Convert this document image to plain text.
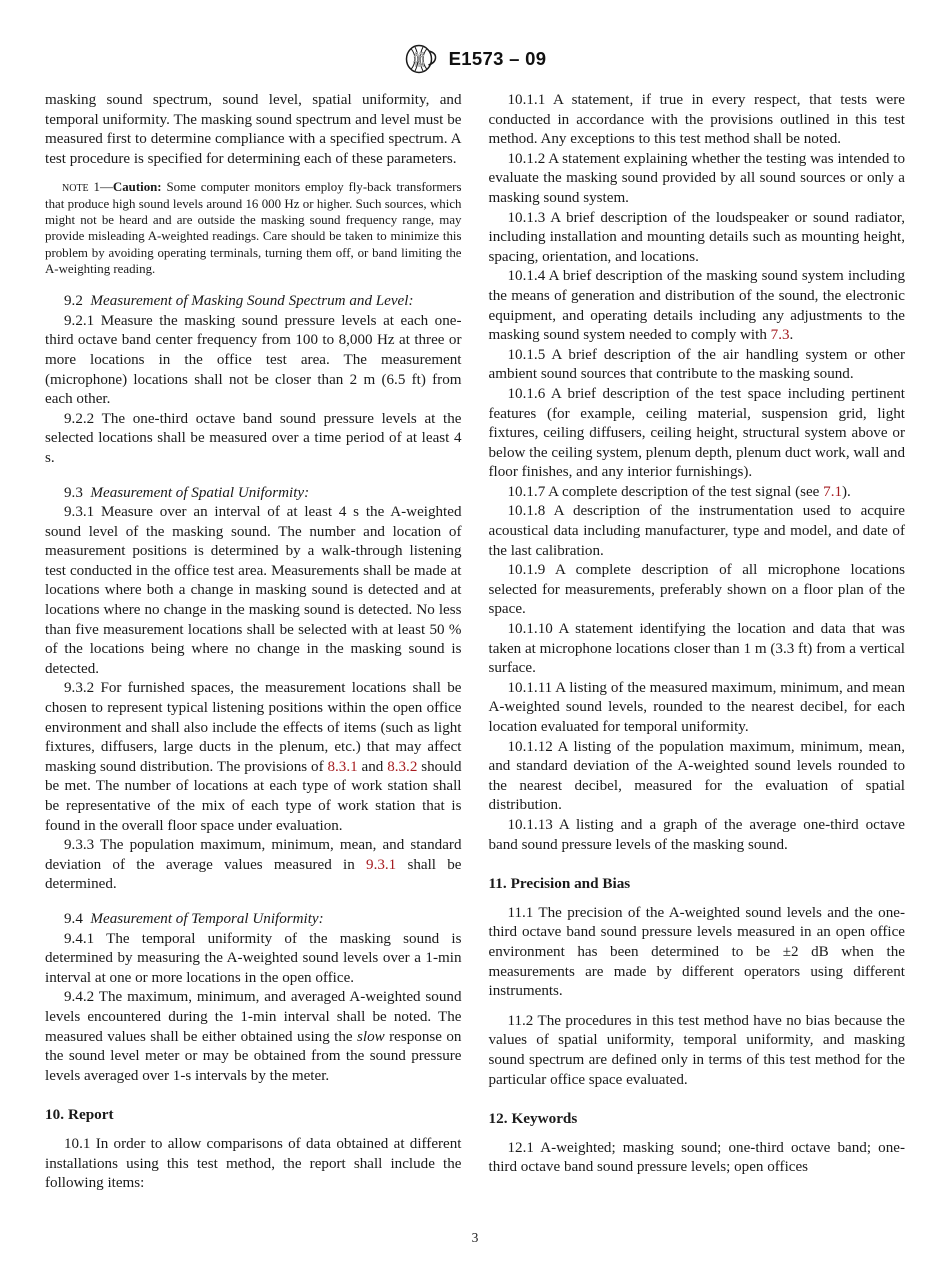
AS
TM E1573 – 09

masking sound spectrum, sound level, spatial uniformity, and temporal uniformity. The masking sound spectrum and level must be measured first to determine compliance with a specified spectrum. A test procedure is specified for determining each of these parameters.

note 1—Caution: Some computer monitors employ fly-back transformers that produce high sound levels around 16 000 Hz or higher. Such sources, which might not be heard and are outside the masking sound frequency range, may provide misleading A-weighted readings. Care should be taken to minimize this problem by avoiding operating terminals, turning them off, or band limiting the A-weighting reading.

9.2 Measurement of Masking Sound Spectrum and Level:

9.2.1 Measure the masking sound pressure levels at each one-third octave band center frequency from 100 to 8,000 Hz at three or more locations in the office test area. The measurement (microphone) locations shall not be closer than 2 m (6.5 ft) from each other.

9.2.2 The one-third octave band sound pressure levels at the selected locations shall be measured over a time period of at least 4 s.

9.3 Measurement of Spatial Uniformity:

9.3.1 Measure over an interval of at least 4 s the A-weighted sound level of the masking sound. The number and location of measurement positions is determined by a walk-through listening test conducted in the office test area. Measurements shall be made at locations where both a change in masking sound is detected and at locations where no change in the masking sound is detected. No less than five measurement locations shall be selected with at least 50 % of the locations being where no change in the masking sound is detected.

9.3.2 For furnished spaces, the measurement locations shall be chosen to represent typical listening positions within the open office environment and shall also include the effects of items (such as light fixtures, diffusers, large ducts in the plenum, etc.) that may affect masking sound distribution. The provisions of 8.3.1 and 8.3.2 should be met. The number of locations at each type of work station shall be representative of the mix of each type of work station that is found in the overall floor space under evaluation.

9.3.3 The population maximum, minimum, mean, and standard deviation of the average values measured in 9.3.1 shall be determined.

9.4 Measurement of Temporal Uniformity:

9.4.1 The temporal uniformity of the masking sound is determined by measuring the A-weighted sound levels over a 1-min interval at one or more locations in the open office.

9.4.2 The maximum, minimum, and averaged A-weighted sound levels encountered during the 1-min interval shall be noted. The measured values shall be either obtained using the slow response on the sound level meter or may be obtained from the sound pressure levels averaged over 1-s intervals by the meter.

10. Report

10.1 In order to allow comparisons of data obtained at different installations using this test method, the report shall include the following items:

10.1.1 A statement, if true in every respect, that tests were conducted in accordance with the provisions outlined in this test method. Any exceptions to this test method shall be noted.

10.1.2 A statement explaining whether the testing was intended to evaluate the masking sound provided by all sound sources or only a masking sound system.

10.1.3 A brief description of the loudspeaker or sound radiator, including installation and mounting details such as mounting height, spacing, orientation, and locations.

10.1.4 A brief description of the masking sound system including the means of generation and distribution of the sound, the electronic equipment, and operating details including any adjustments to the masking sound system needed to comply with 7.3.

10.1.5 A brief description of the air handling system or other ambient sound sources that contribute to the masking sound.

10.1.6 A brief description of the test space including pertinent features (for example, ceiling material, suspension grid, light fixtures, ceiling diffusers, ceiling height, structural system above or below the ceiling system, plenum depth, plenum duct work, wall and floor finishes, and any interior furnishings).

10.1.7 A complete description of the test signal (see 7.1).

10.1.8 A description of the instrumentation used to acquire acoustical data including manufacturer, type and model, and date of the last calibration.

10.1.9 A complete description of all microphone locations selected for measurements, preferably shown on a floor plan of the space.

10.1.10 A statement identifying the location and data that was taken at microphone locations closer than 1 m (3.3 ft) from a vertical surface.

10.1.11 A listing of the measured maximum, minimum, and mean A-weighted sound levels, rounded to the nearest decibel, for each location evaluated for temporal uniformity.

10.1.12 A listing of the population maximum, minimum, mean, and standard deviation of the A-weighted sound levels rounded to the nearest decibel, measured for the evaluation of spatial distribution.

10.1.13 A listing and a graph of the average one-third octave band sound pressure levels of the masking sound.

11. Precision and Bias

11.1 The precision of the A-weighted sound levels and the one-third octave band sound pressure levels measured in an open office environment has been determined to be ±2 dB when the measurements are made by different operators using different instruments.

11.2 The procedures in this test method have no bias because the values of spatial uniformity, temporal uniformity, and masking sound spectrum are defined only in terms of this test method for the particular office space evaluated.

12. Keywords

12.1 A-weighted; masking sound; one-third octave band; one-third octave band sound pressure levels; open offices

3
